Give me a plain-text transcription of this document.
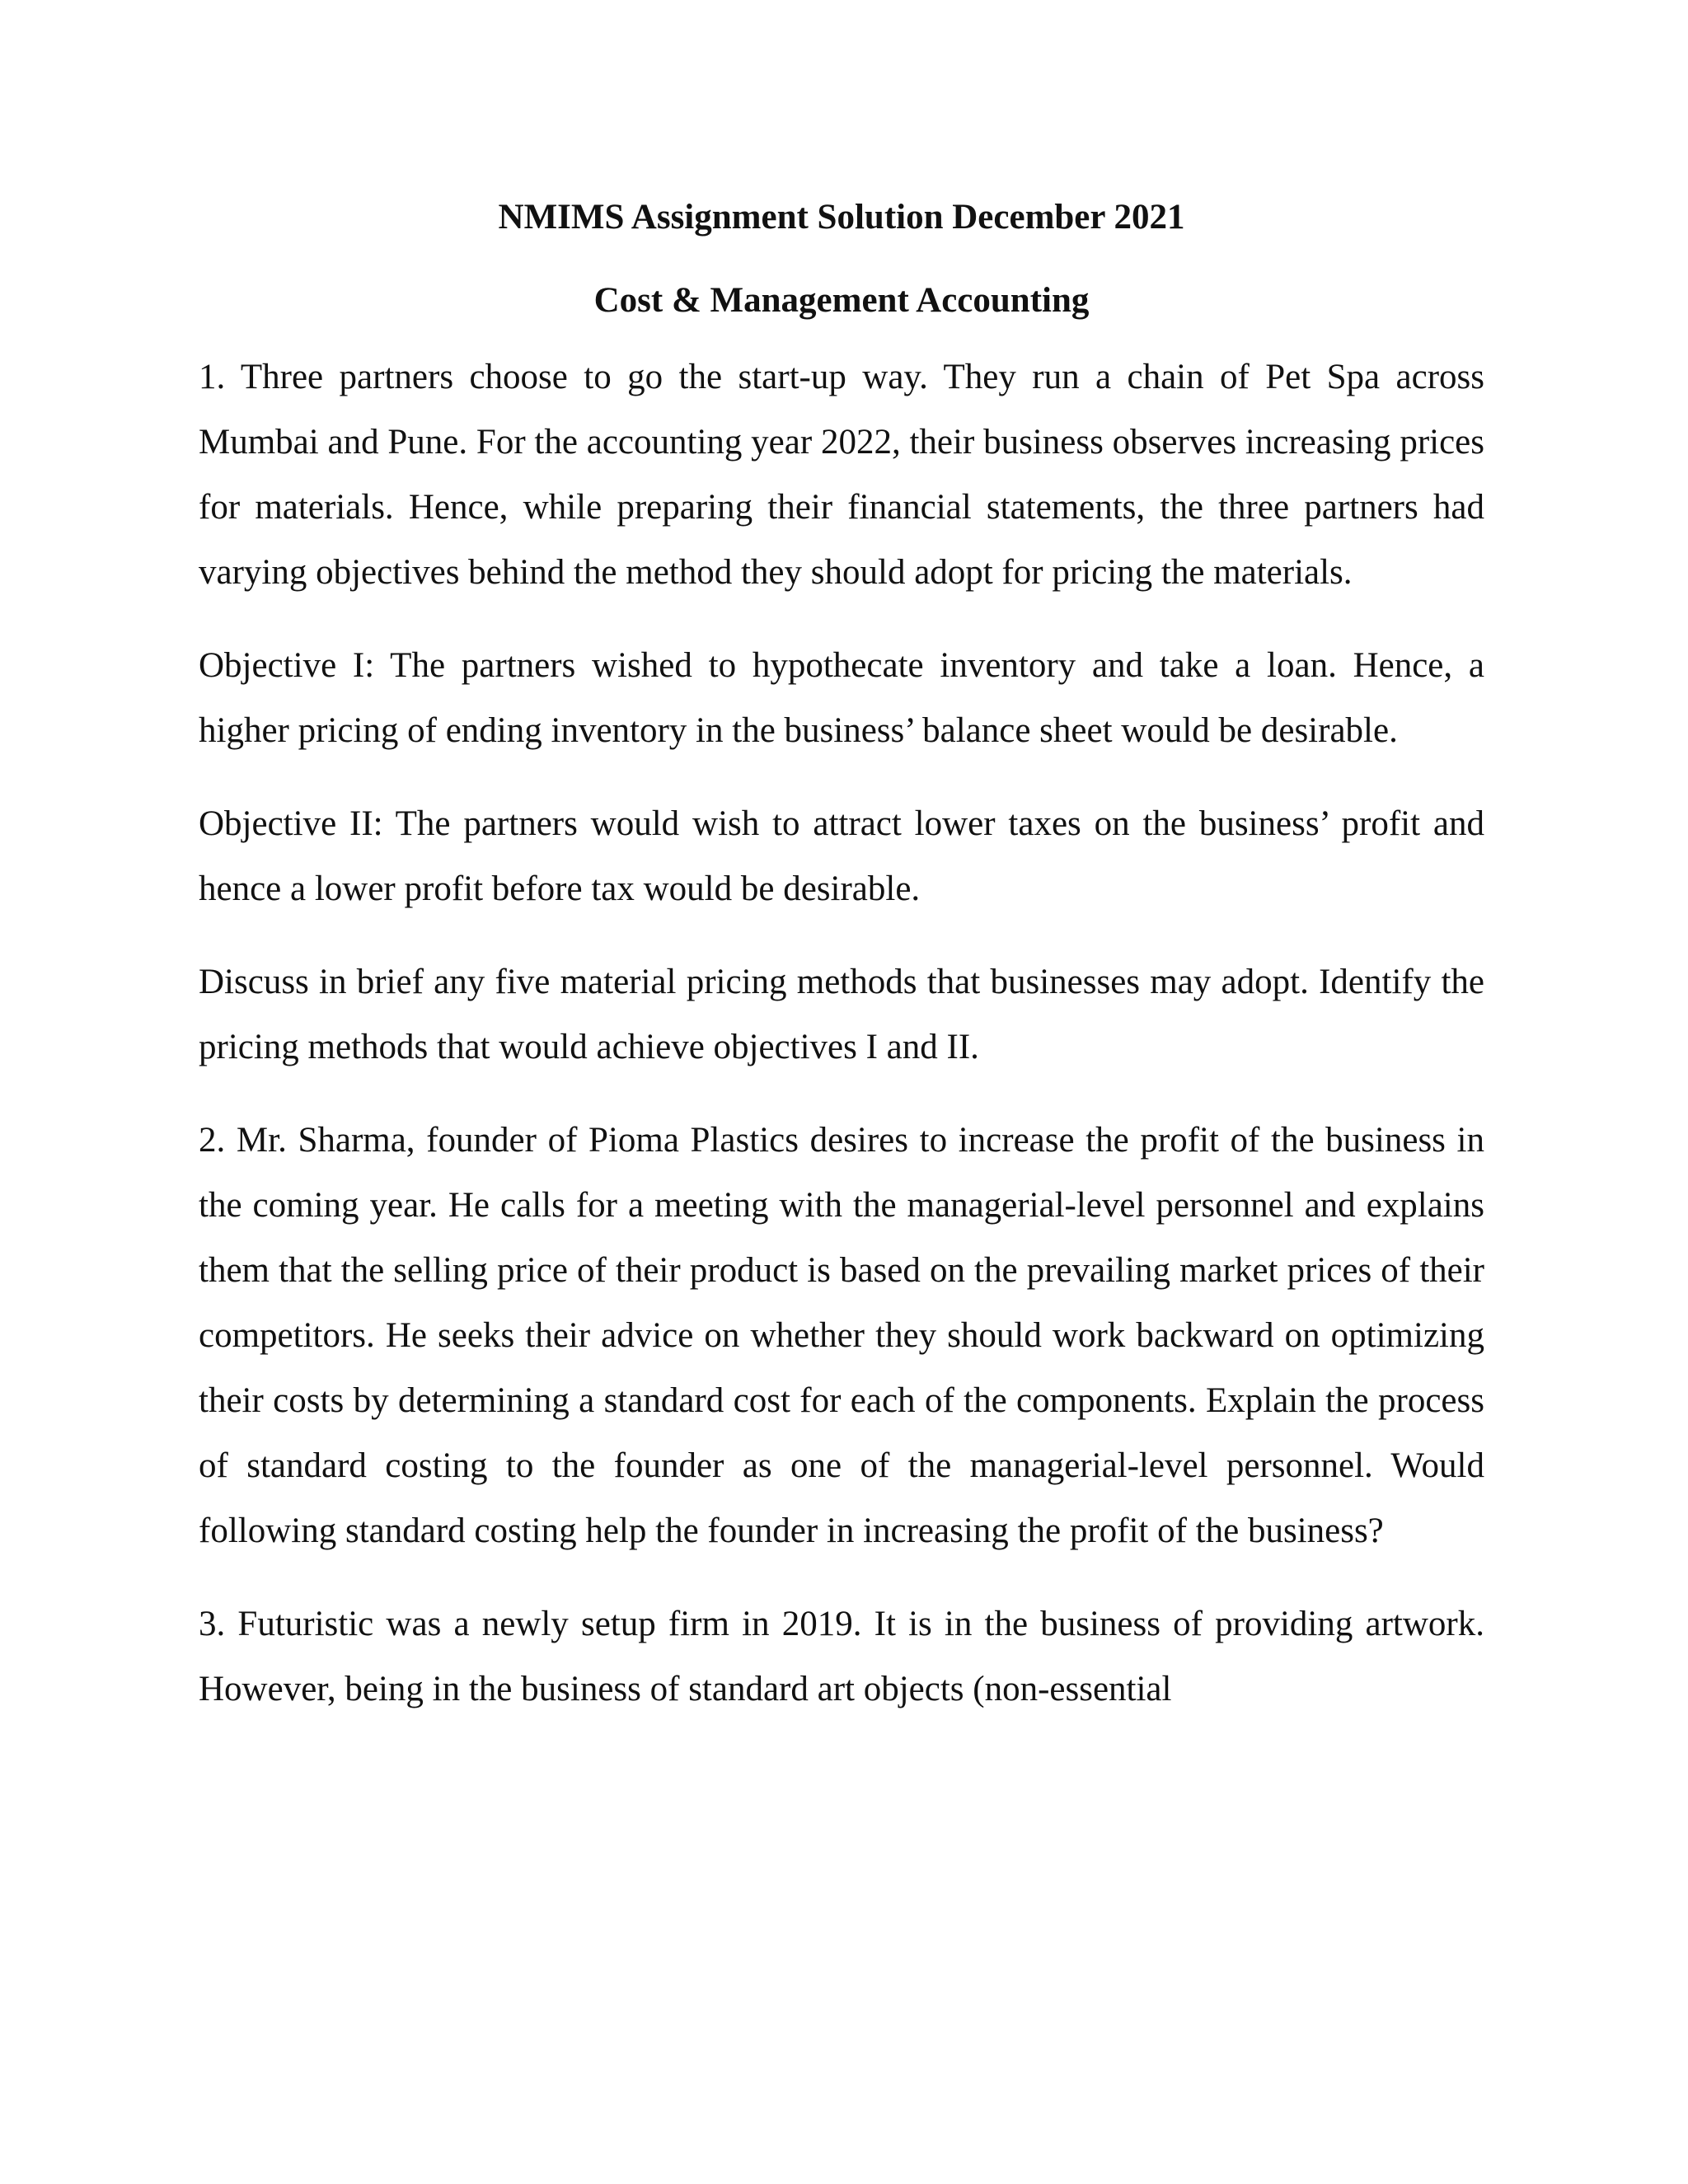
NMIMS Assignment Solution December 2021
Cost & Management Accounting

1. Three partners choose to go the start-up way. They run a chain of Pet Spa across Mumbai and Pune. For the accounting year 2022, their business observes increasing prices for materials. Hence, while preparing their financial statements, the three partners had varying objectives behind the method they should adopt for pricing the materials.

Objective I: The partners wished to hypothecate inventory and take a loan. Hence, a higher pricing of ending inventory in the business’ balance sheet would be desirable.

Objective II: The partners would wish to attract lower taxes on the business’ profit and hence a lower profit before tax would be desirable.

Discuss in brief any five material pricing methods that businesses may adopt. Identify the pricing methods that would achieve objectives I and II.

2. Mr. Sharma, founder of Pioma Plastics desires to increase the profit of the business in the coming year. He calls for a meeting with the managerial-level personnel and explains them that the selling price of their product is based on the prevailing market prices of their competitors. He seeks their advice on whether they should work backward on optimizing their costs by determining a standard cost for each of the components. Explain the process of standard costing to the founder as one of the managerial-level personnel. Would following standard costing help the founder in increasing the profit of the business?

3. Futuristic was a newly setup firm in 2019. It is in the business of providing artwork. However, being in the business of standard art objects (non-essential
